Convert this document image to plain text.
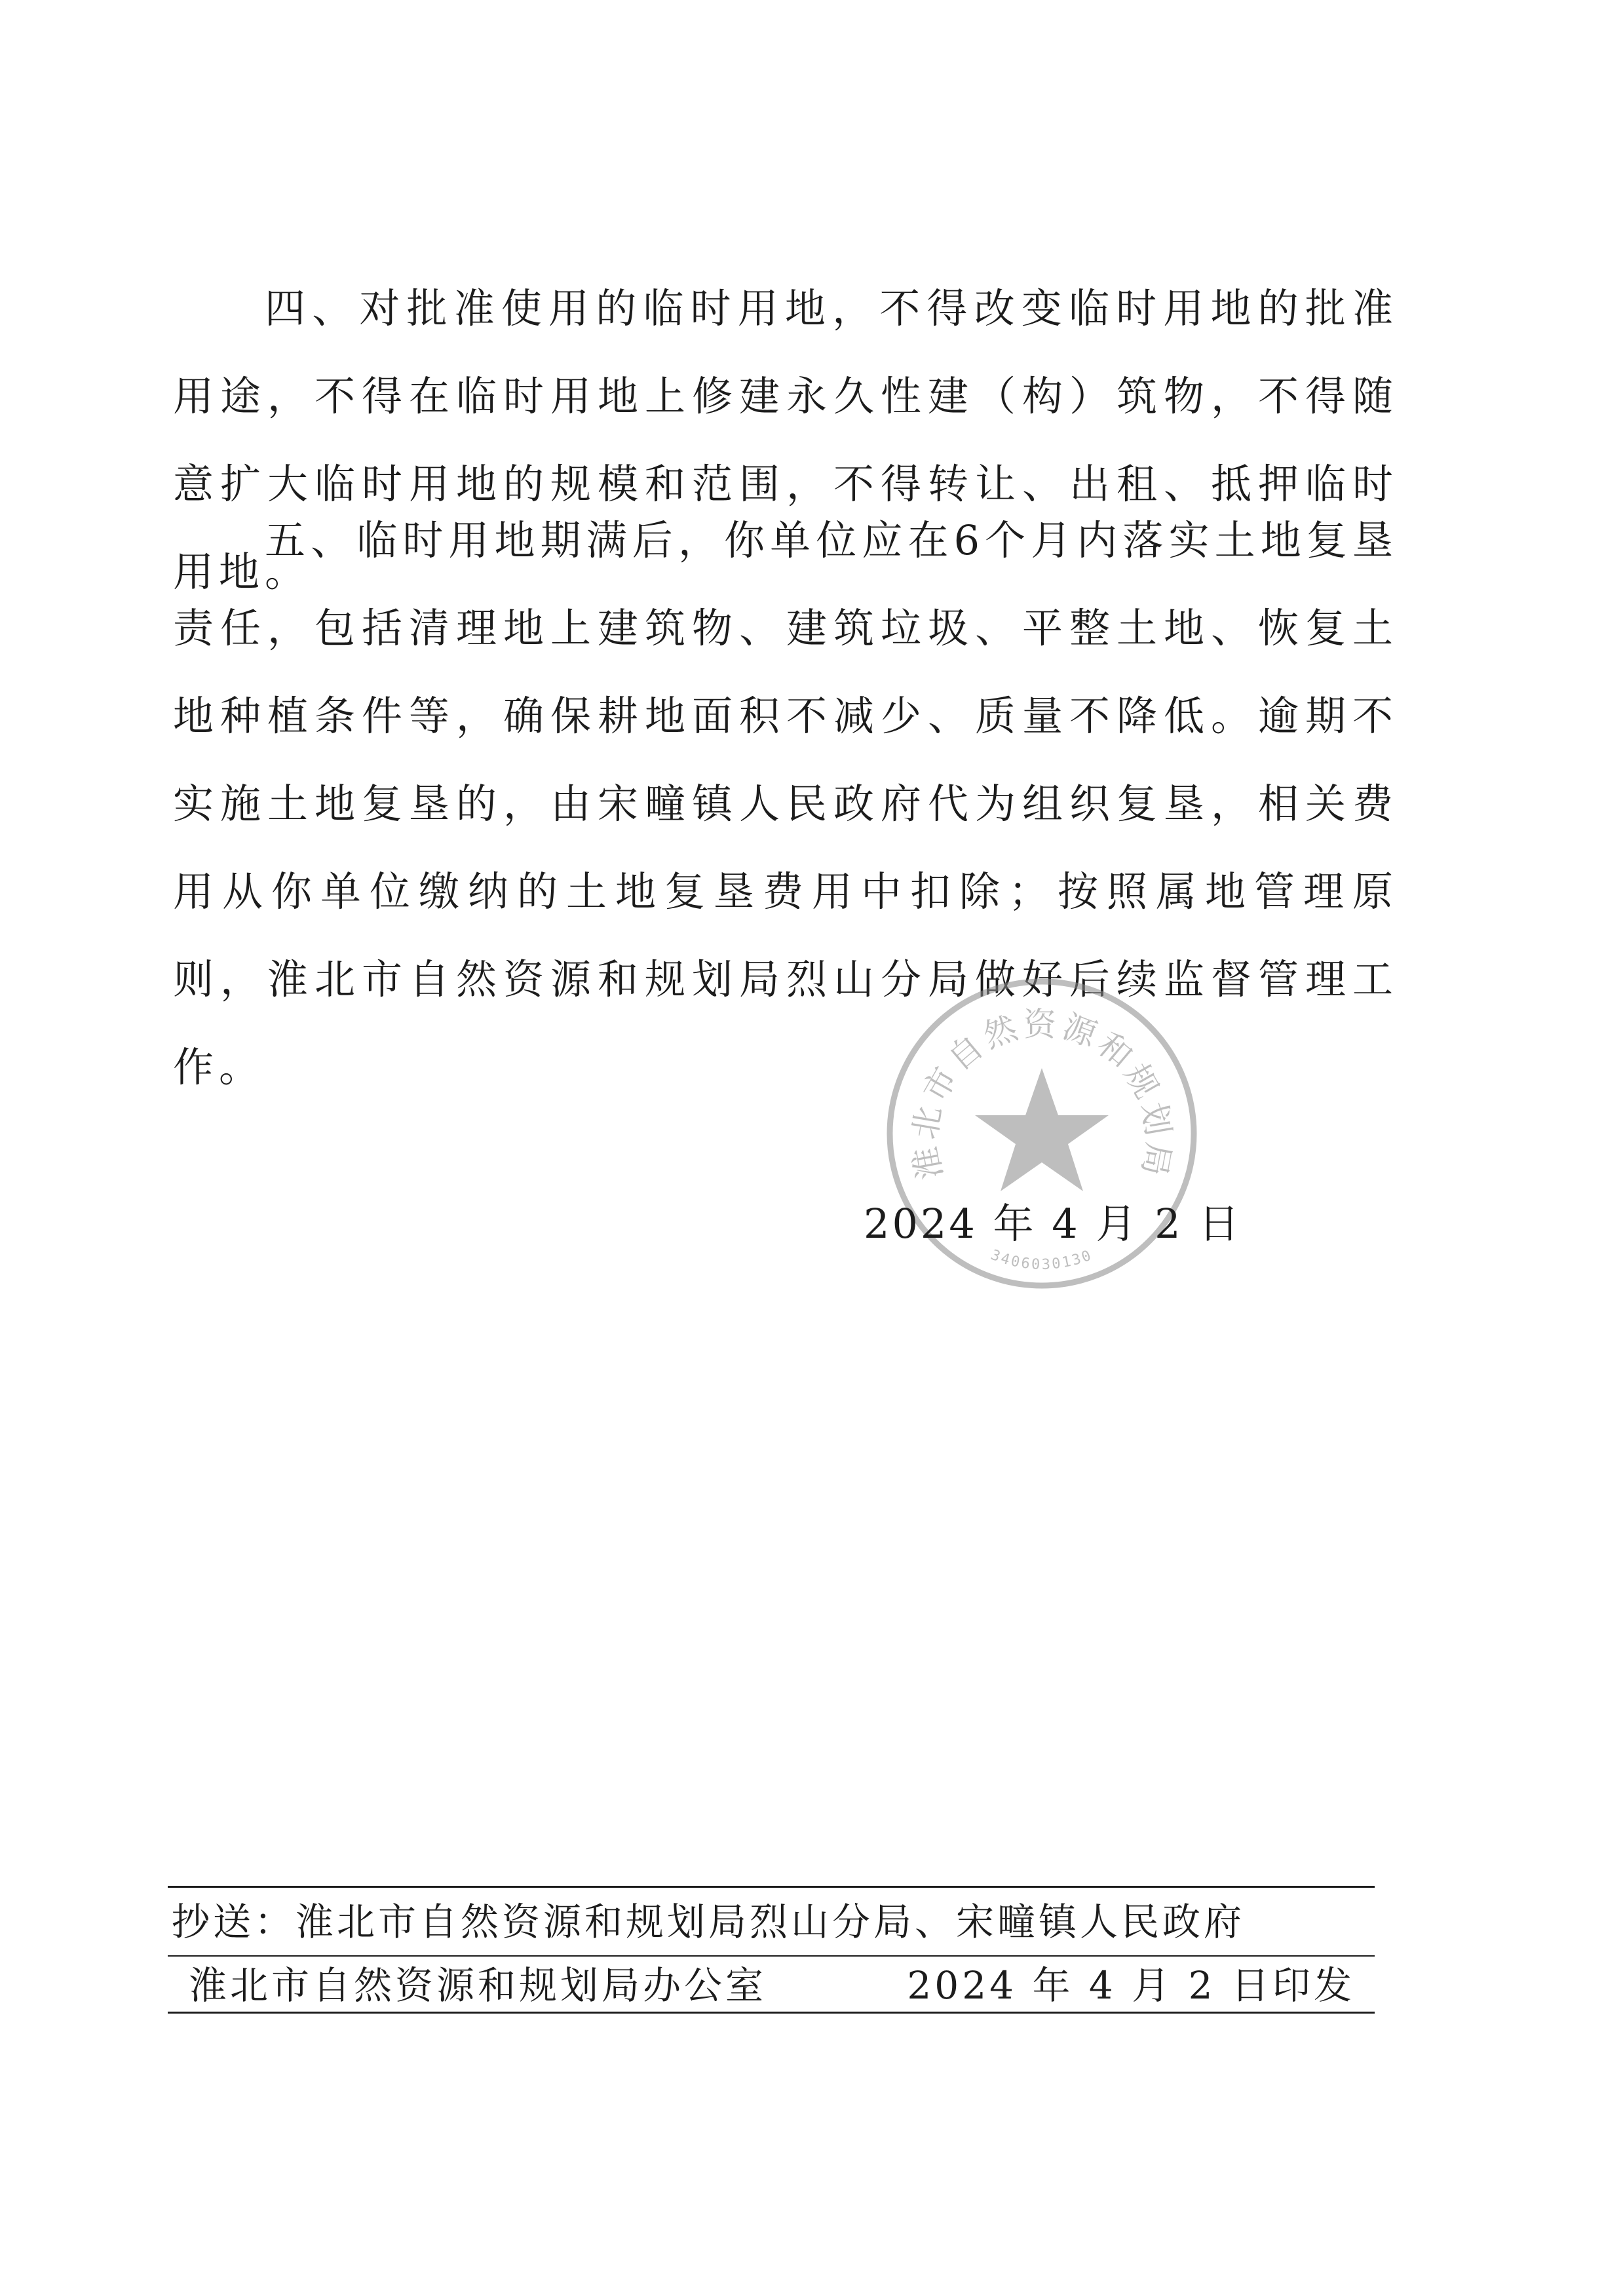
四、对批准使用的临时用地，不得改变临时用地的批准用途，不得在临时用地上修建永久性建（构）筑物，不得随意扩大临时用地的规模和范围，不得转让、出租、抵押临时用地。

五、临时用地期满后，你单位应在6个月内落实土地复垦责任，包括清理地上建筑物、建筑垃圾、平整土地、恢复土地种植条件等，确保耕地面积不减少、质量不降低。逾期不实施土地复垦的，由宋疃镇人民政府代为组织复垦，相关费用从你单位缴纳的土地复垦费用中扣除；按照属地管理原则，淮北市自然资源和规划局烈山分局做好后续监督管理工作。

淮北市自然资源和规划局
3406030130
2024 年 4 月 2 日
抄送：淮北市自然资源和规划局烈山分局、宋疃镇人民政府
淮北市自然资源和规划局办公室	2024 年 4 月 2 日印发
